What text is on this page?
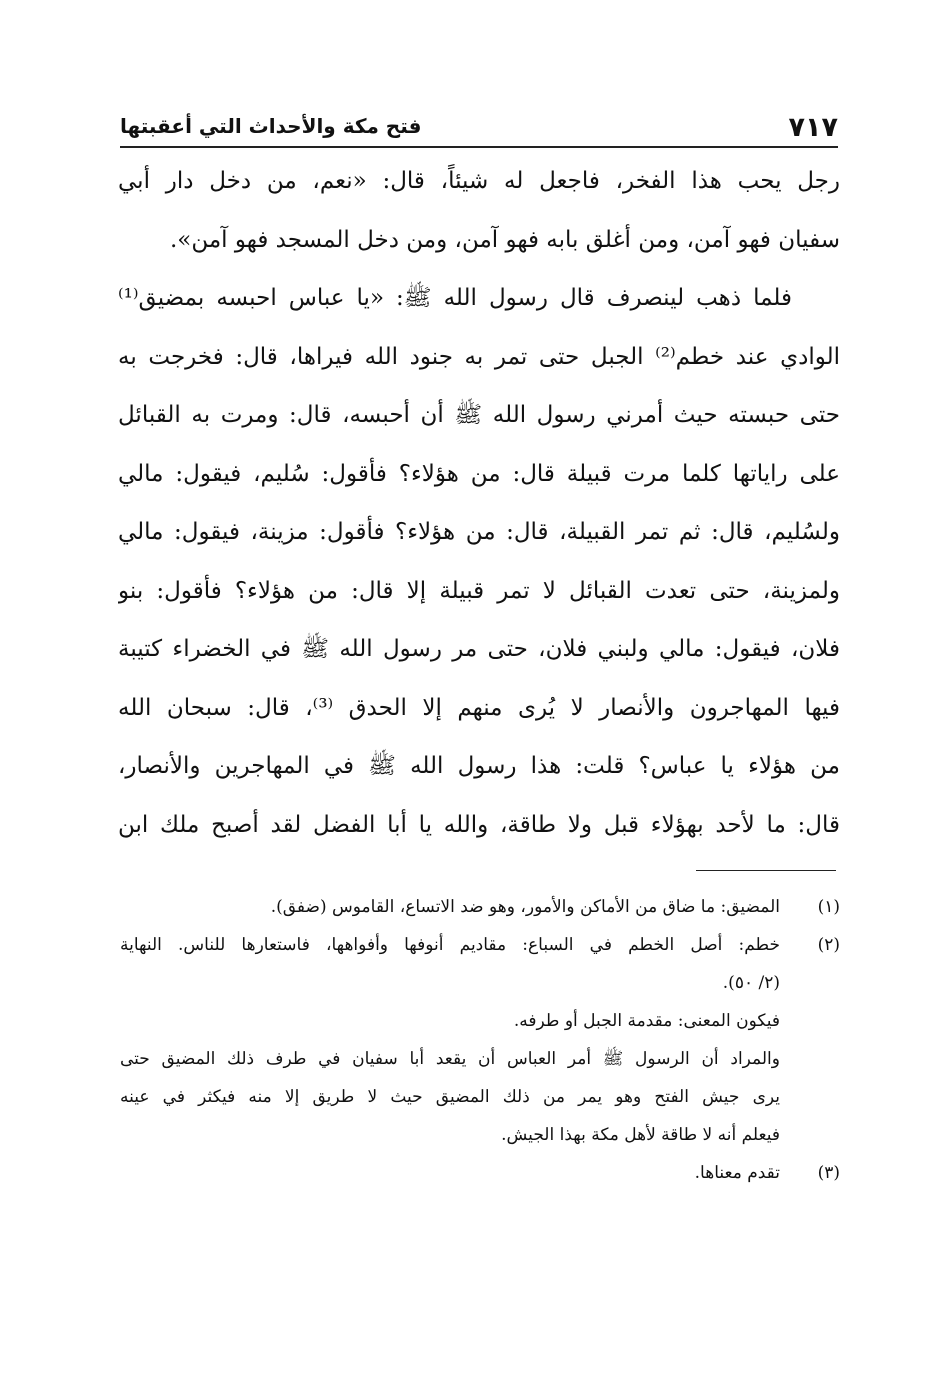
٧١٧
فتح مكة والأحداث التي أعقبتها
رجل يحب هذا الفخر، فاجعل له شيئاً، قال: «نعم، من دخل دار أبي
سفيان فهو آمن، ومن أغلق بابه فهو آمن، ومن دخل المسجد فهو آمن».
فلما ذهب لينصرف قال رسول الله ﷺ: «يا عباس احبسه بمضيق⁽¹⁾
الوادي عند خطم⁽²⁾ الجبل حتى تمر به جنود الله فيراها، قال: فخرجت به
حتى حبسته حيث أمرني رسول الله ﷺ أن أحبسه، قال: ومرت به القبائل
على راياتها كلما مرت قبيلة قال: من هؤلاء؟ فأقول: سُليم، فيقول: مالي
ولسُليم، قال: ثم تمر القبيلة، قال: من هؤلاء؟ فأقول: مزينة، فيقول: مالي
ولمزينة، حتى تعدت القبائل لا تمر قبيلة إلا قال: من هؤلاء؟ فأقول: بنو
فلان، فيقول: مالي ولبني فلان، حتى مر رسول الله ﷺ في الخضراء كتيبة
فيها المهاجرون والأنصار لا يُرى منهم إلا الحدق ⁽³⁾، قال: سبحان الله
من هؤلاء يا عباس؟ قلت: هذا رسول الله ﷺ في المهاجرين والأنصار،
قال: ما لأحد بهؤلاء قبل ولا طاقة، والله يا أبا الفضل لقد أصبح ملك ابن
(١)المضيق: ما ضاق من الأماكن والأمور، وهو ضد الاتساع، القاموس (ضفق).
(٢)خطم: أصل الخطم في السباع: مقاديم أنوفها وأفواهها، فاستعارها للناس. النهاية
(٢/ ٥٠).
فيكون المعنى: مقدمة الجبل أو طرفه.
والمراد أن الرسول ﷺ أمر العباس أن يقعد أبا سفيان في طرف ذلك المضيق حتى
يرى جيش الفتح وهو يمر من ذلك المضيق حيث لا طريق إلا منه فيكثر في عينه
فيعلم أنه لا طاقة لأهل مكة بهذا الجيش.
(٣)تقدم معناها.
